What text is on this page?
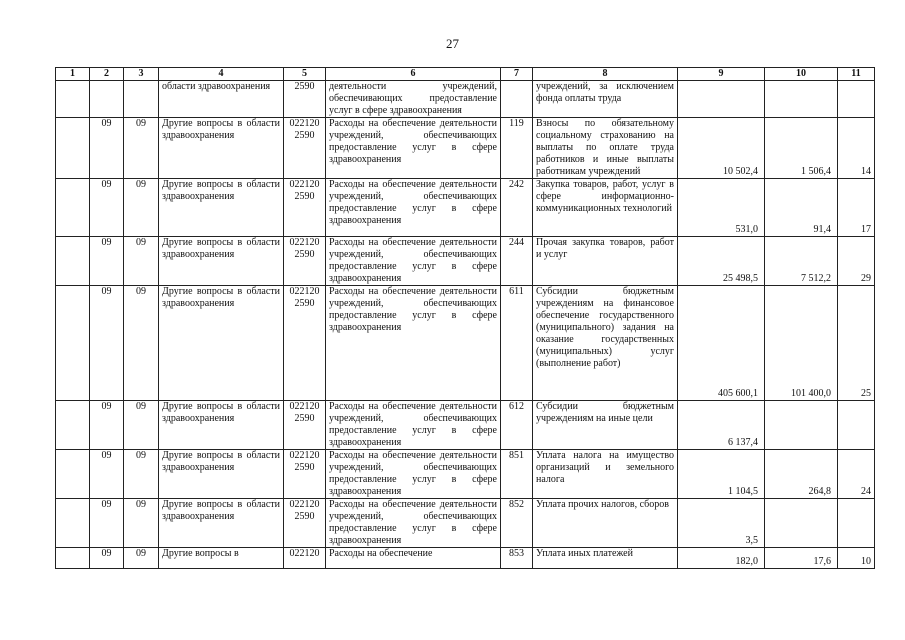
27
1	2	3	4	5	6	7	8	9	10	11
			области здравоохранения	2590	деятельности учреждений, обеспечивающих предоставление услуг в сфере здравоохранения		учреждений, за исключением фонда оплаты труда			
	09	09	Другие вопросы в области здравоохранения	022120 2590	Расходы на обеспечение деятельности учреждений, обеспечивающих предоставление услуг в сфере здравоохранения	119	Взносы по обязательному социальному страхованию на выплаты по оплате труда работников и иные выплаты работникам учреждений	10 502,4	1 506,4	14
	09	09	Другие вопросы в области здравоохранения	022120 2590	Расходы на обеспечение деятельности учреждений, обеспечивающих предоставление услуг в сфере здравоохранения	242	Закупка товаров, работ, услуг в сфере информационно-коммуникационных технологий	531,0	91,4	17
	09	09	Другие вопросы в области здравоохранения	022120 2590	Расходы на обеспечение деятельности учреждений, обеспечивающих предоставление услуг в сфере здравоохранения	244	Прочая закупка товаров, работ и услуг	25 498,5	7 512,2	29
	09	09	Другие вопросы в области здравоохранения	022120 2590	Расходы на обеспечение деятельности учреждений, обеспечивающих предоставление услуг в сфере здравоохранения	611	Субсидии бюджетным учреждениям на финансовое обеспечение государственного (муниципального) задания на оказание государственных (муниципальных) услуг (выполнение работ)	405 600,1	101 400,0	25
	09	09	Другие вопросы в области здравоохранения	022120 2590	Расходы на обеспечение деятельности учреждений, обеспечивающих предоставление услуг в сфере здравоохранения	612	Субсидии бюджетным учреждениям на иные цели	6 137,4		
	09	09	Другие вопросы в области здравоохранения	022120 2590	Расходы на обеспечение деятельности учреждений, обеспечивающих предоставление услуг в сфере здравоохранения	851	Уплата налога на имущество организаций и земельного налога	1 104,5	264,8	24
	09	09	Другие вопросы в области здравоохранения	022120 2590	Расходы на обеспечение деятельности учреждений, обеспечивающих предоставление услуг в сфере здравоохранения	852	Уплата прочих налогов, сборов	3,5		
	09	09	Другие вопросы в	022120	Расходы на обеспечение	853	Уплата иных платежей	182,0	17,6	10
